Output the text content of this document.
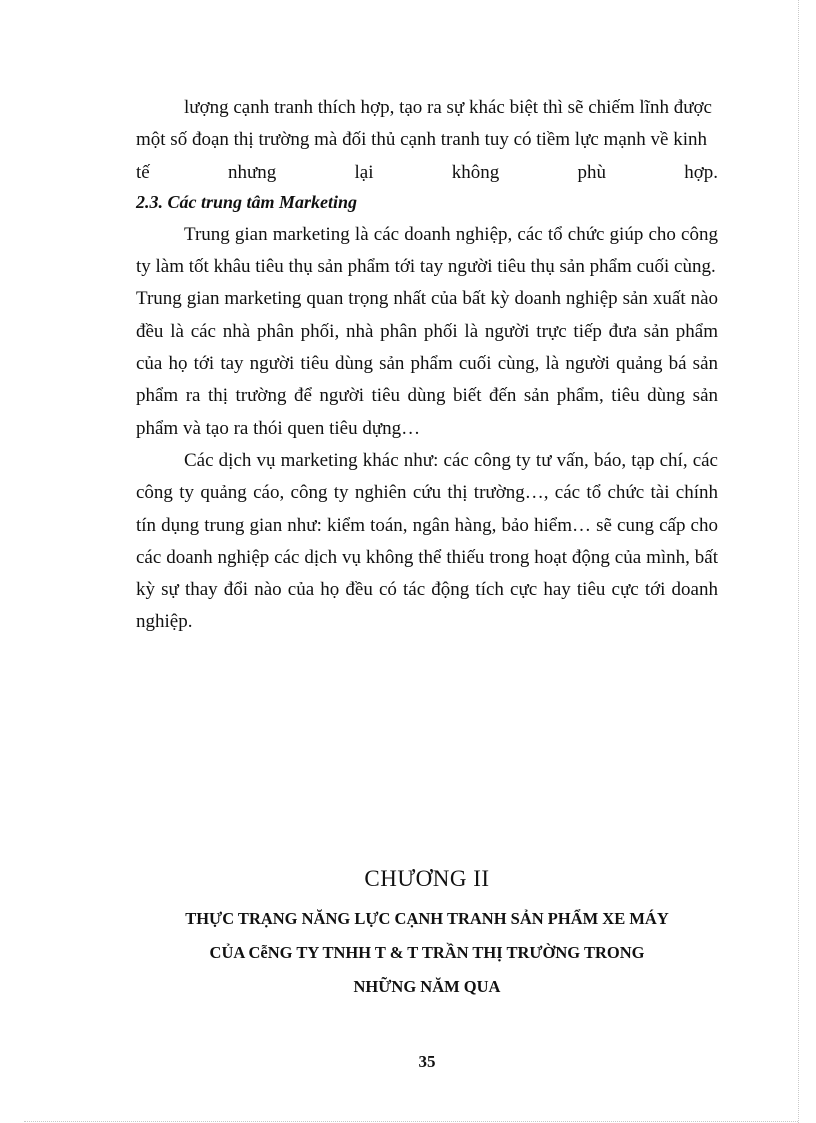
lượng cạnh tranh thích hợp, tạo ra sự khác biệt thì sẽ chiếm lĩnh được

một số đoạn thị trường mà đối thủ cạnh tranh tuy có tiềm lực mạnh về kinh

tế nhưng lại không phù hợp.

2.3. Các trung tâm Marketing

Trung gian marketing là các doanh nghiệp, các tổ chức giúp cho công ty làm tốt khâu tiêu thụ sản phẩm tới tay người tiêu thụ sản phẩm cuối cùng.

Trung gian marketing quan trọng nhất của bất kỳ doanh nghiệp sản xuất nào đều là các nhà phân phối, nhà phân phối là người trực tiếp đưa sản phẩm của họ tới tay người tiêu dùng sản phẩm cuối cùng, là người quảng bá sản phẩm ra thị trường để người tiêu dùng biết đến sản phẩm, tiêu dùng sản phẩm và tạo ra thói quen tiêu dựng…

Các dịch vụ marketing khác như: các công ty tư vấn, báo, tạp chí, các công ty quảng cáo, công ty nghiên cứu thị trường…, các tổ chức tài chính tín dụng trung gian như: kiểm toán, ngân hàng, bảo hiểm… sẽ cung cấp cho các doanh nghiệp các dịch vụ không thể thiếu trong hoạt động của mình, bất kỳ sự thay đổi nào của họ đều có tác động tích cực hay tiêu cực tới doanh nghiệp.

CHƯƠNG II
THỰC TRẠNG NĂNG LỰC CẠNH TRANH SẢN PHẨM XE MÁY
CỦA CễNG TY TNHH T & T TRẦN THỊ TRƯỜNG TRONG
NHỮNG NĂM QUA
35
